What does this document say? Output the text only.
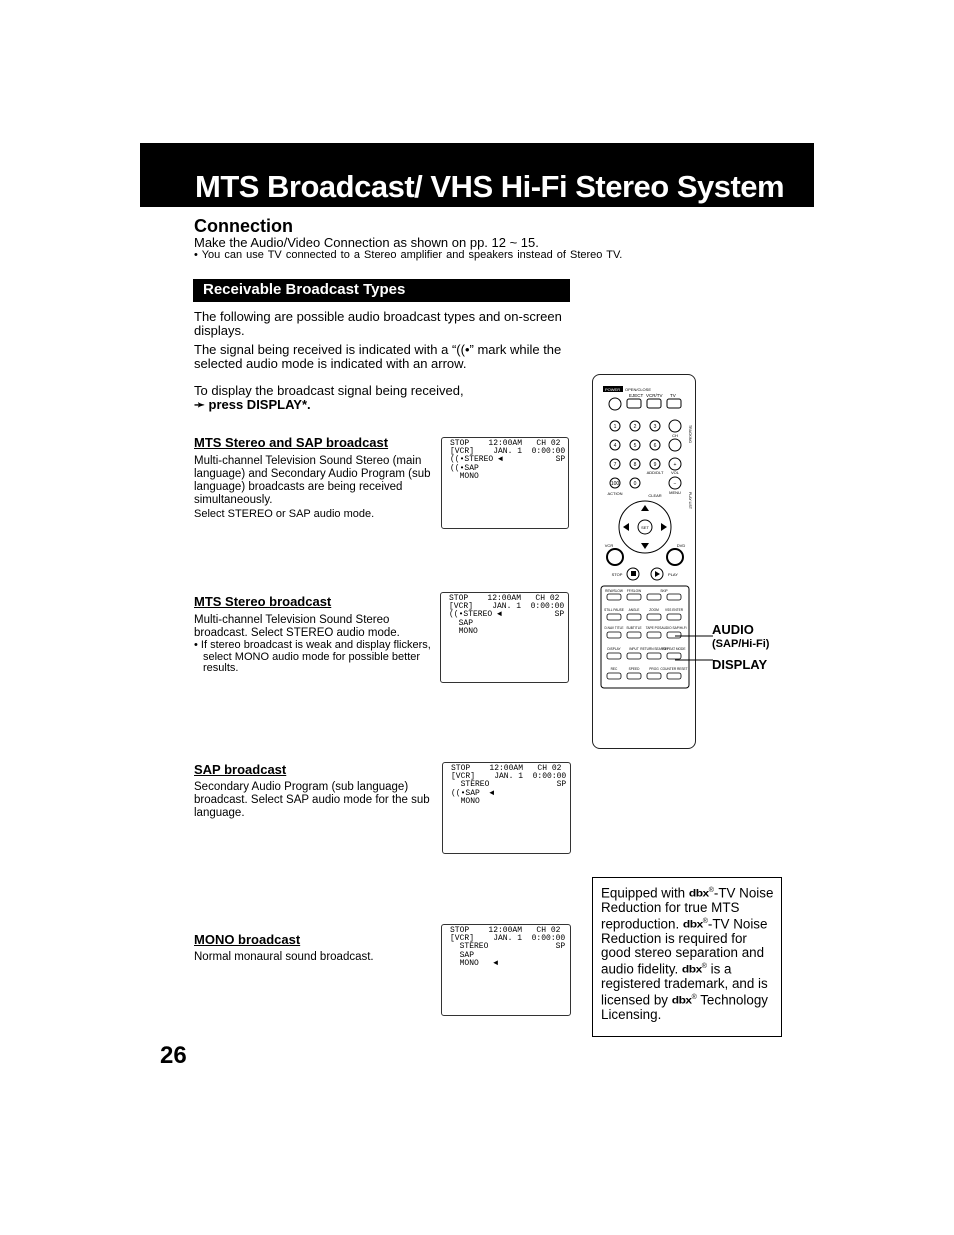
MTS Broadcast/ VHS Hi-Fi Stereo System
Connection
Make the Audio/Video Connection as shown on pp. 12 ~ 15.
• You can use TV connected to a Stereo amplifier and speakers instead of Stereo TV.
Receivable Broadcast Types
The following are possible audio broadcast types and on-screen displays.
The signal being received is indicated with a “((•” mark while the selected audio mode is indicated with an arrow.
To display the broadcast signal being received,
➛ press DISPLAY*.
MTS Stereo and SAP broadcast
Multi-channel Television Sound Stereo (main language) and Secondary Audio Program (sub language) broadcasts are being received simultaneously.
Select STEREO or SAP audio mode.
STOP    12:00AM   CH 02
[VCR]    JAN. 1  0:00:00
((•STEREO ◄           SP
((•SAP
MONO
MTS Stereo broadcast
Multi-channel Television Sound Stereo broadcast. Select STEREO audio mode.
• If stereo broadcast is weak and display flickers, select MONO audio mode for possible better results.
STOP    12:00AM   CH 02
[VCR]    JAN. 1  0:00:00
((•STEREO ◄           SP
SAP
MONO
SAP broadcast
Secondary Audio Program (sub language) broadcast. Select SAP audio mode for the sub language.
STOP    12:00AM   CH 02
[VCR]    JAN. 1  0:00:00
STEREO              SP
((•SAP  ◄
MONO
MONO broadcast
Normal monaural sound broadcast.
STOP    12:00AM   CH 02
[VCR]    JAN. 1  0:00:00
STEREO              SP
SAP
MONO   ◄
POWER OPEN/CLOSE
EJECT VCR/TV TV
1	2	3
4	5	6
7	8	9
100	0
+
−
SET
ACTION	CLEAR
MENU
ADD/DLT VOL
CH
VCR	DVD
STOP	PLAY
TRACKING
PLAY LIST
REW/SLOW FF/SLOW	SKIP
STILL PAUSE ANGLE	ZOOM VSS ENTER
D.NAV TITLE SUBTITLE TAPE POS. AUDIO SAP/Hi-Fi
DISPLAY	INPUT RETURN SEARCH
REPEAT MODE
REC	SPEED	PROG COUNTER RESET
AUDIO
(SAP/Hi-Fi)
DISPLAY
Equipped with dbx®-TV Noise Reduction for true MTS reproduction. dbx®-TV Noise Reduction is required for good stereo separation and audio fidelity. dbx® is a registered trademark, and is licensed by dbx® Technology Licensing.
26
